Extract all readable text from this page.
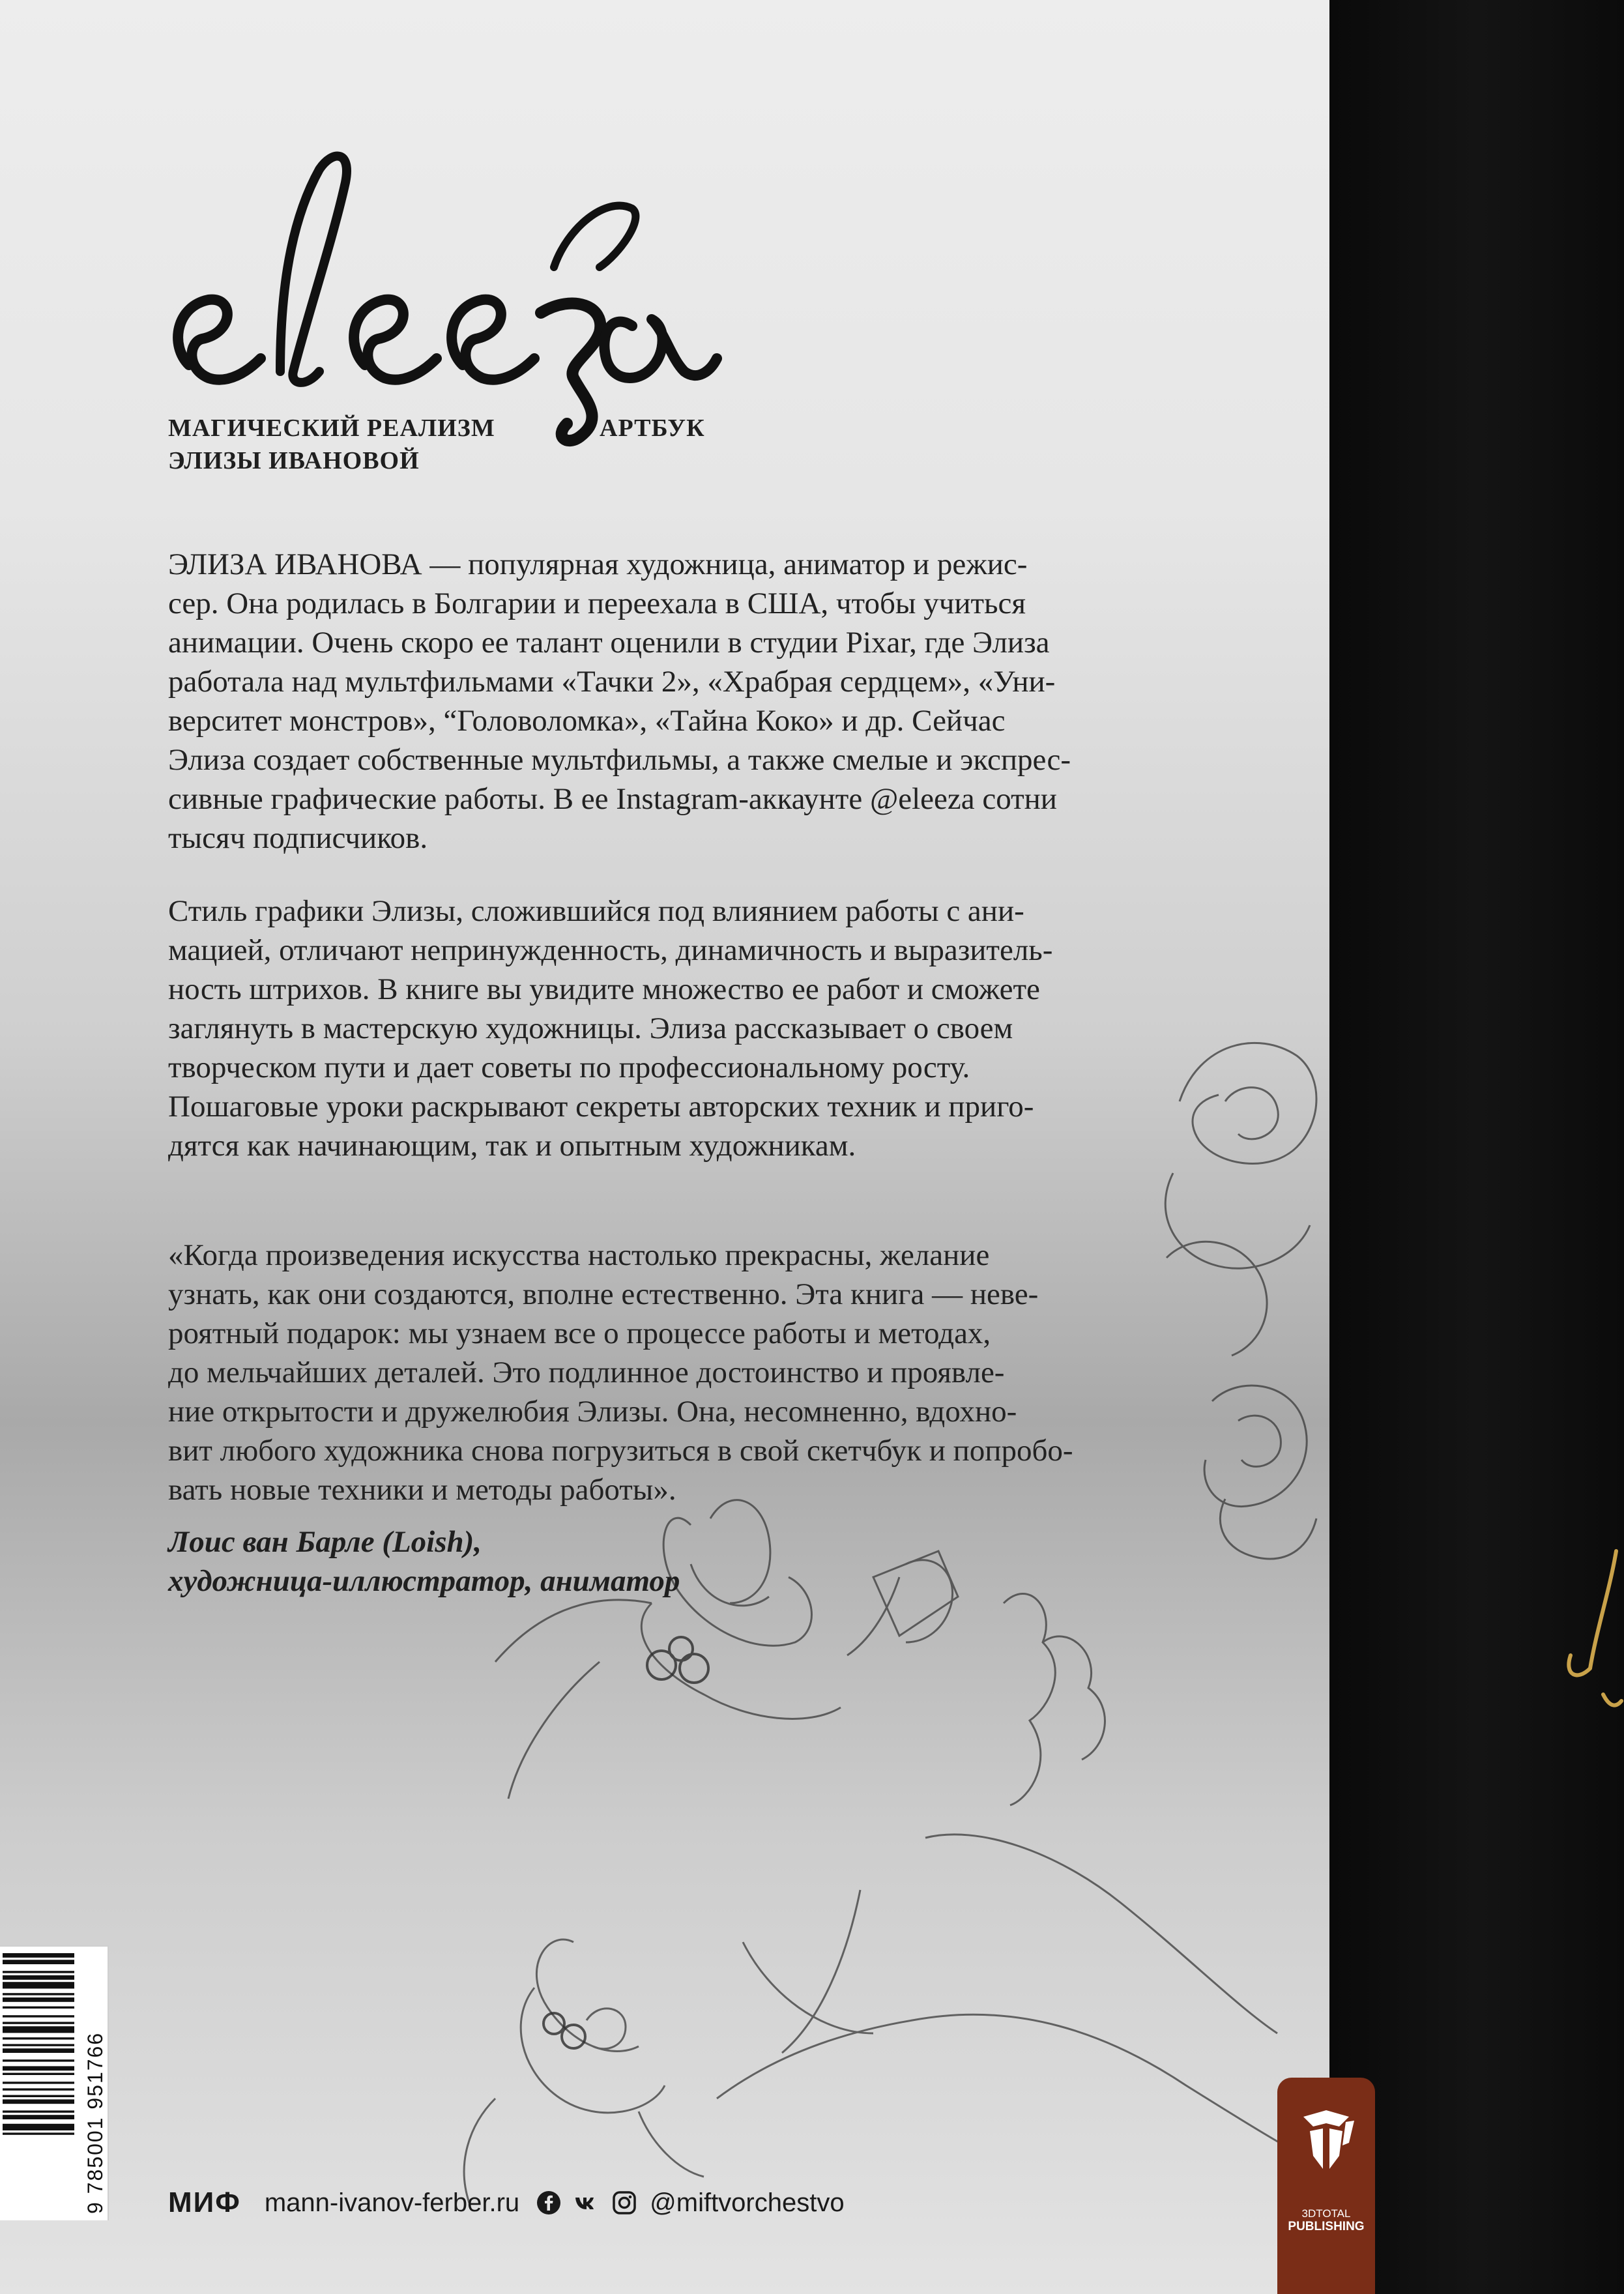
МАГИЧЕСКИЙ РЕАЛИЗМ
ЭЛИЗЫ ИВАНОВОЙ
АРТБУК

ЭЛИЗА ИВАНОВА — популярная художница, аниматор и режис-
сер. Она родилась в Болгарии и переехала в США, чтобы учиться
анимации. Очень скоро ее талант оценили в студии Pixar, где Элиза
работала над мультфильмами «Тачки 2», «Храбрая сердцем», «Уни-
верситет монстров», “Головоломка», «Тайна Коко» и др. Сейчас
Элиза создает собственные мультфильмы, а также смелые и экспрес-
сивные графические работы. В ее Instagram-аккаунте @eleeza сотни
тысяч подписчиков.

Стиль графики Элизы, сложившийся под влиянием работы с ани-
мацией, отличают непринужденность, динамичность и выразитель-
ность штрихов. В книге вы увидите множество ее работ и сможете
заглянуть в мастерскую художницы. Элиза рассказывает о своем
творческом пути и дает советы по профессиональному росту.
Пошаговые уроки раскрывают секреты авторских техник и приго-
дятся как начинающим, так и опытным художникам.

«Когда произведения искусства настолько прекрасны, желание
узнать, как они создаются, вполне естественно. Эта книга — неве-
роятный подарок: мы узнаем все о процессе работы и методах,
до мельчайших деталей. Это подлинное достоинство и проявле-
ние открытости и дружелюбия Элизы. Она, несомненно, вдохно-
вит любого художника снова погрузиться в свой скетчбук и попробо-
вать новые техники и методы работы».

Лоис ван Барле (Loish),
художница-иллюстратор, аниматор
9 785001 951766 МИФ mann-ivanov-ferber.ru	@miftvorchestvo	3DTOTAL
PUBLISHING
